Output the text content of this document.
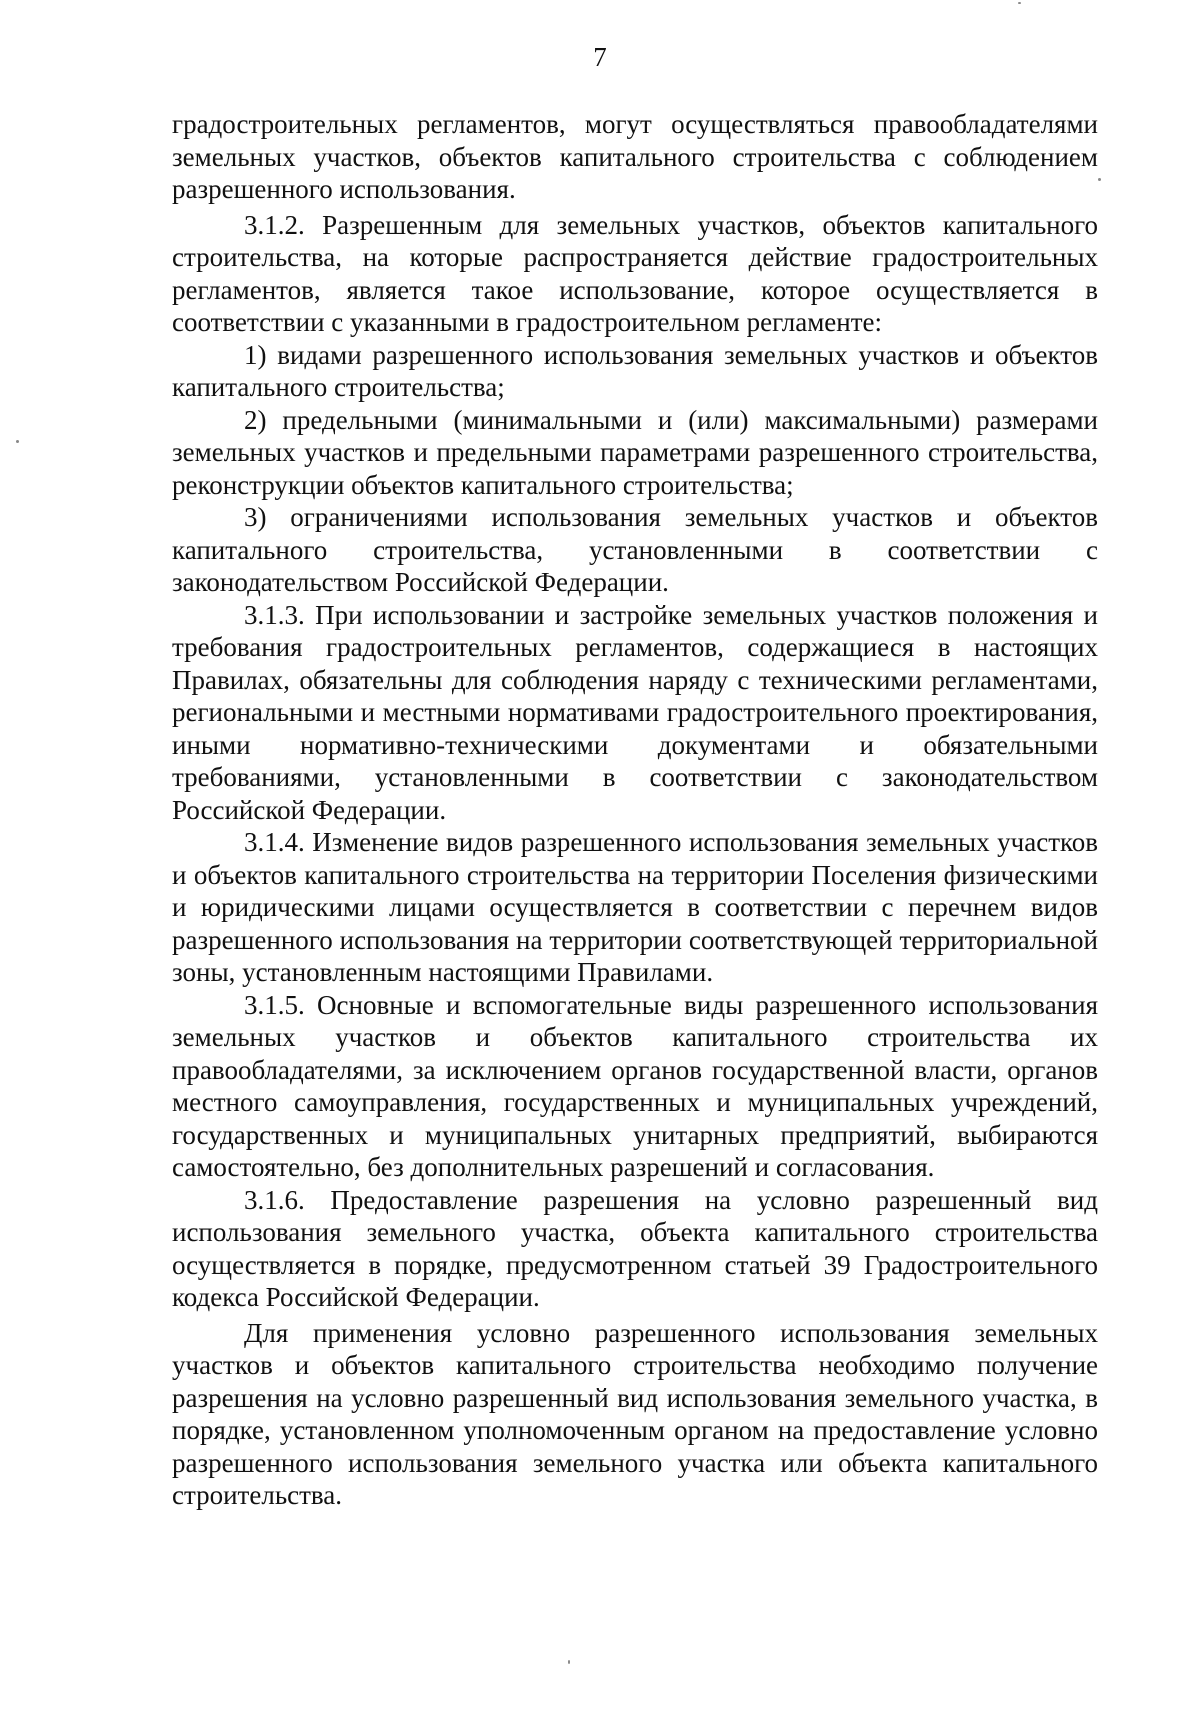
7

градостроительных регламентов, могут осуществляться правообладателями земельных участков, объектов капитального строительства с соблюдением разрешенного использования.

3.1.2. Разрешенным для земельных участков, объектов капитального строительства, на которые распространяется действие градостроительных регламентов, является такое использование, которое осуществляется в соответствии с указанными в градостроительном регламенте:

1) видами разрешенного использования земельных участков и объектов капитального строительства;

2) предельными (минимальными и (или) максимальными) размерами земельных участков и предельными параметрами разрешенного строительства, реконструкции объектов капитального строительства;

3) ограничениями использования земельных участков и объектов капитального строительства, установленными в соответствии с законодательством Российской Федерации.

3.1.3. При использовании и застройке земельных участков положения и требования градостроительных регламентов, содержащиеся в настоящих Правилах, обязательны для соблюдения наряду с техническими регламентами, региональными и местными нормативами градостроительного проектирования, иными нормативно-техническими документами и обязательными требованиями, установленными в соответствии с законодательством Российской Федерации.

3.1.4. Изменение видов разрешенного использования земельных участков и объектов капитального строительства на территории Поселения физическими и юридическими лицами осуществляется в соответствии с перечнем видов разрешенного использования на территории соответствующей территориальной зоны, установленным настоящими Правилами.

3.1.5. Основные и вспомогательные виды разрешенного использования земельных участков и объектов капитального строительства их правообладателями, за исключением органов государственной власти, органов местного самоуправления, государственных и муниципальных учреждений, государственных и муниципальных унитарных предприятий, выбираются самостоятельно, без дополнительных разрешений и согласования.

3.1.6. Предоставление разрешения на условно разрешенный вид использования земельного участка, объекта капитального строительства осуществляется в порядке, предусмотренном статьей 39 Градостроительного кодекса Российской Федерации.

Для применения условно разрешенного использования земельных участков и объектов капитального строительства необходимо получение разрешения на условно разрешенный вид использования земельного участка, в порядке, установленном уполномоченным органом на предоставление условно разрешенного использования земельного участка или объекта капитального строительства.
